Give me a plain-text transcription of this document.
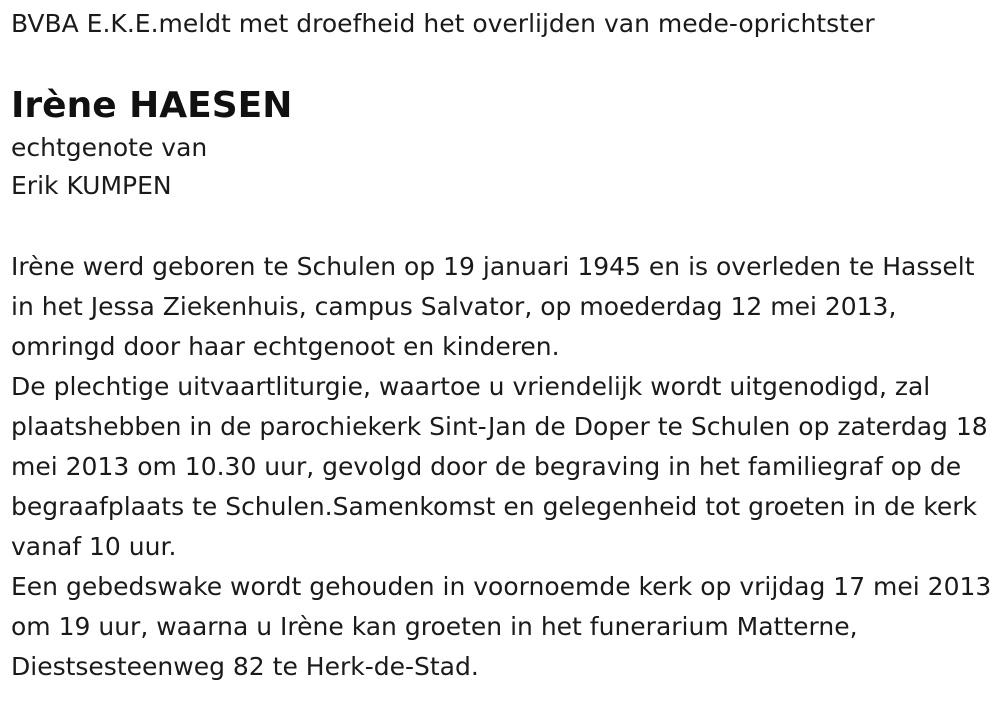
BVBA E.K.E.meldt met droefheid het overlijden van mede-oprichtster

Irène HAESEN

echtgenote van

Erik KUMPEN

Irène werd geboren te Schulen op 19 januari 1945 en is overleden te Hasselt in het Jessa Ziekenhuis, campus Salvator, op moederdag 12 mei 2013, omringd door haar echtgenoot en kinderen.

De plechtige uitvaartliturgie, waartoe u vriendelijk wordt uitgenodigd, zal plaatshebben in de parochiekerk Sint-Jan de Doper te Schulen op zaterdag 18 mei 2013 om 10.30 uur, gevolgd door de begraving in het familiegraf op de begraafplaats te Schulen.Samenkomst en gelegenheid tot groeten in de kerk vanaf 10 uur.

Een gebedswake wordt gehouden in voornoemde kerk op vrijdag 17 mei 2013 om 19 uur, waarna u Irène kan groeten in het funerarium Matterne, Diestsesteenweg 82 te Herk-de-Stad.
